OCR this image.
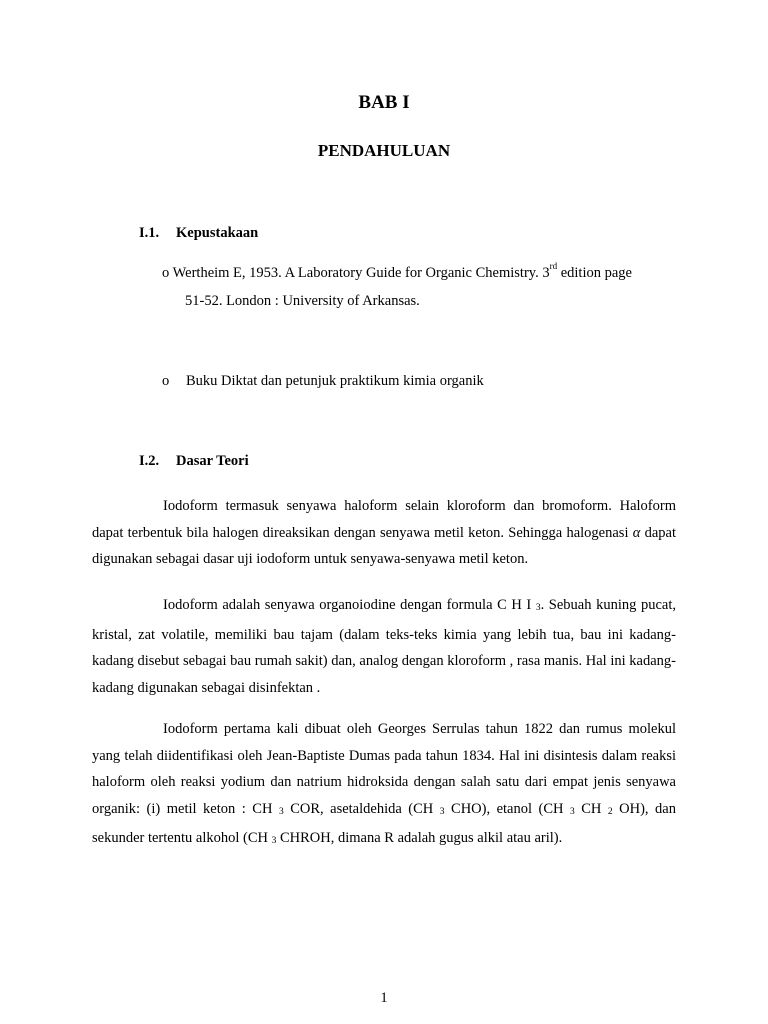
BAB I
PENDAHULUAN
I.1. Kepustakaan
o Wertheim E, 1953. A Laboratory Guide for Organic Chemistry. 3rd edition page
51-52. London : University of Arkansas.
o Buku Diktat dan petunjuk praktikum kimia organik
I.2. Dasar Teori

Iodoform termasuk senyawa haloform selain kloroform dan bromoform. Haloform dapat terbentuk bila halogen direaksikan dengan senyawa metil keton. Sehingga halogenasi α dapat digunakan sebagai dasar uji iodoform untuk senyawa-senyawa metil keton.

Iodoform adalah senyawa organoiodine dengan formula C H I 3. Sebuah kuning pucat, kristal, zat volatile, memiliki bau tajam (dalam teks-teks kimia yang lebih tua, bau ini kadang-kadang disebut sebagai bau rumah sakit) dan, analog dengan kloroform , rasa manis. Hal ini kadang-kadang digunakan sebagai disinfektan .

Iodoform pertama kali dibuat oleh Georges Serrulas tahun 1822 dan rumus molekul yang telah diidentifikasi oleh Jean-Baptiste Dumas pada tahun 1834. Hal ini disintesis dalam reaksi haloform oleh reaksi yodium dan natrium hidroksida dengan salah satu dari empat jenis senyawa organik: (i) metil keton : CH 3 COR, asetaldehida (CH 3 CHO), etanol (CH 3 CH 2 OH), dan sekunder tertentu alkohol (CH 3 CHROH, dimana R adalah gugus alkil atau aril).

1
